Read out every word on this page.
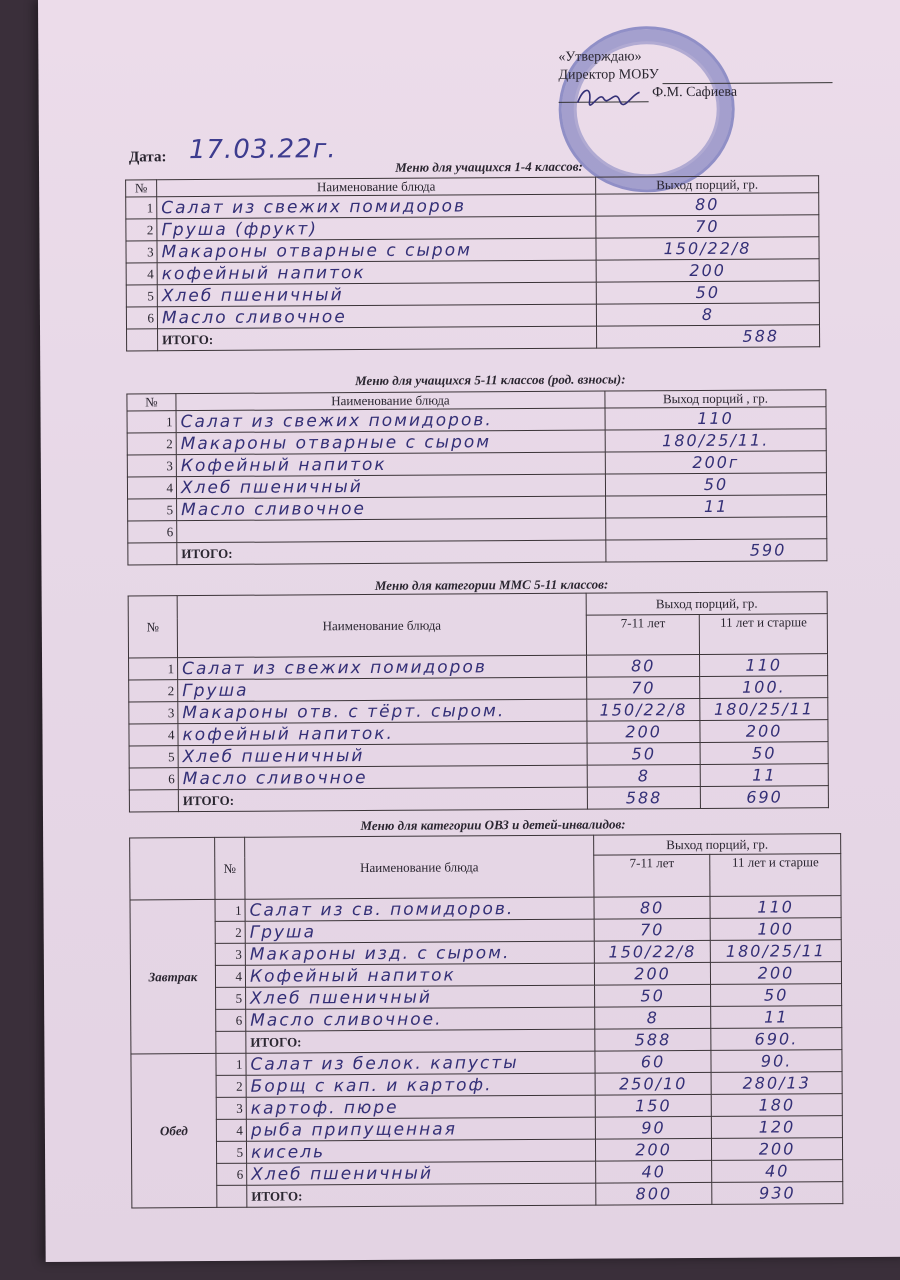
«Утверждаю»
Директор МОБУ
Ф.М. Сафиева
Дата: 17.03.22г.
Меню для учащихся 1-4 классов:
№	Наименование блюда	Выход порций, гр.
1	Салат из свежих помидоров	80
2	Груша (фрукт)	70
3	Макароны отварные с сыром	150/22/8
4	кофейный напиток	200
5	Хлеб пшеничный	50
6	Масло сливочное	8
	ИТОГО:	588
Меню для учащихся 5-11 классов (род. взносы):
№	Наименование блюда	Выход порций , гр.
1	Салат из свежих помидоров.	110
2	Макароны отварные с сыром	180/25/11.
3	Кофейный напиток	200г
4	Хлеб пшеничный	50
5	Масло сливочное	11
6		
	ИТОГО:	590
Меню для категории ММС 5-11 классов:
№	Наименование блюда	Выход порций, гр.	
		7-11 лет	11 лет и старше
1	Салат из свежих помидоров	80	110
2	Груша	70	100.
3	Макароны отв. с тёрт. сыром.	150/22/8	180/25/11
4	кофейный напиток.	200	200
5	Хлеб пшеничный	50	50
6	Масло сливочное	8	11
	ИТОГО:	588	690
Меню для категории ОВЗ и детей-инвалидов:
	№	Наименование блюда	Выход порций, гр.	
			7-11 лет	11 лет и старше
Завтрак	1	Салат из св. помидоров.	80	110
	2	Груша	70	100
	3	Макароны изд. с сыром.	150/22/8	180/25/11
	4	Кофейный напиток	200	200
	5	Хлеб пшеничный	50	50
	6	Масло сливочное.	8	11
		ИТОГО:	588	690.
Обед	1	Салат из белок. капусты	60	90.
	2	Борщ с кап. и картоф.	250/10	280/13
	3	картоф. пюре	150	180
	4	рыба припущенная	90	120
	5	кисель	200	200
	6	Хлеб пшеничный	40	40
		ИТОГО:	800	930
